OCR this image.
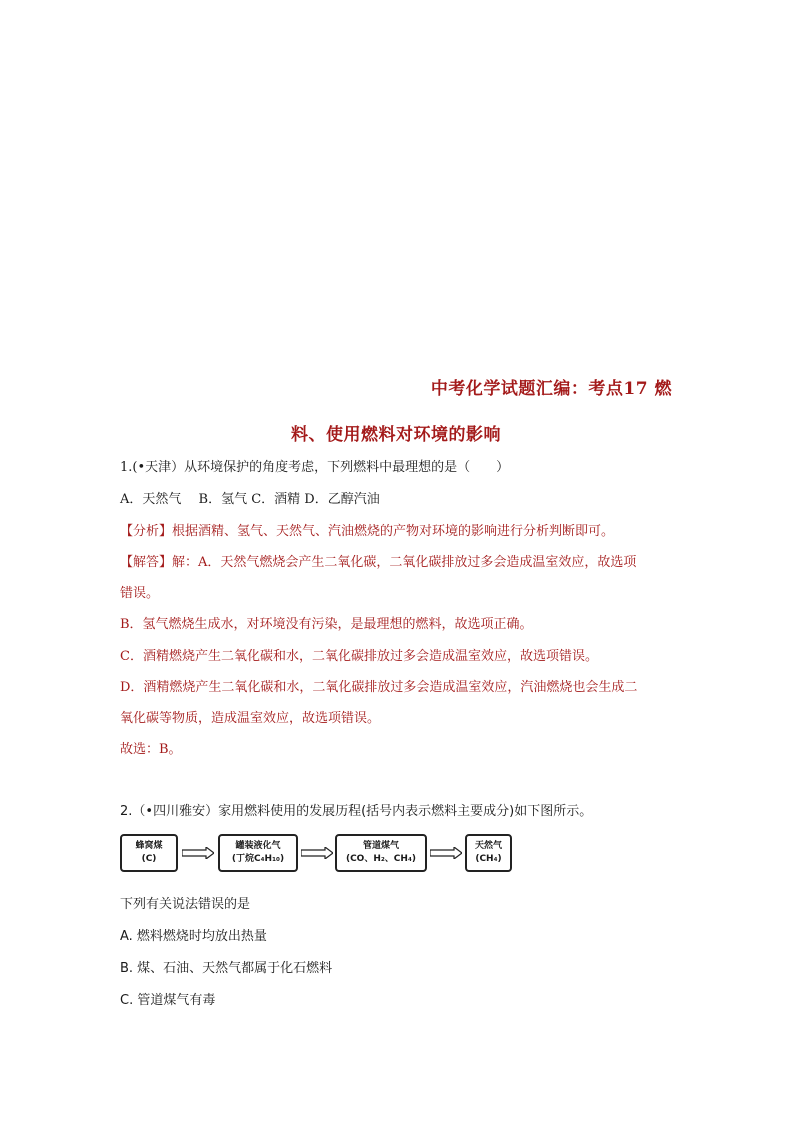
中考化学试题汇编：考点17 燃
料、使用燃料对环境的影响
1.(•天津）从环境保护的角度考虑，下列燃料中最理想的是（　　）
A．天然气　 B．氢气 C．酒精 D．乙醇汽油
【分析】根据酒精、氢气、天然气、汽油燃烧的产物对环境的影响进行分析判断即可。
【解答】解：A．天然气燃烧会产生二氧化碳，二氧化碳排放过多会造成温室效应，故选项
错误。
B．氢气燃烧生成水，对环境没有污染，是最理想的燃料，故选项正确。
C．酒精燃烧产生二氧化碳和水，二氧化碳排放过多会造成温室效应，故选项错误。
D．酒精燃烧产生二氧化碳和水，二氧化碳排放过多会造成温室效应，汽油燃烧也会生成二
氧化碳等物质，造成温室效应，故选项错误。
故选：B。
2.（•四川雅安）家用燃料使用的发展历程(括号内表示燃料主要成分)如下图所示。
蜂窝煤
(C)
罐装液化气
(丁烷C₄H₁₀)
管道煤气
(CO、H₂、CH₄)
天然气
(CH₄)
下列有关说法错误的是
A. 燃料燃烧时均放出热量
B. 煤、石油、天然气都属于化石燃料
C. 管道煤气有毒
